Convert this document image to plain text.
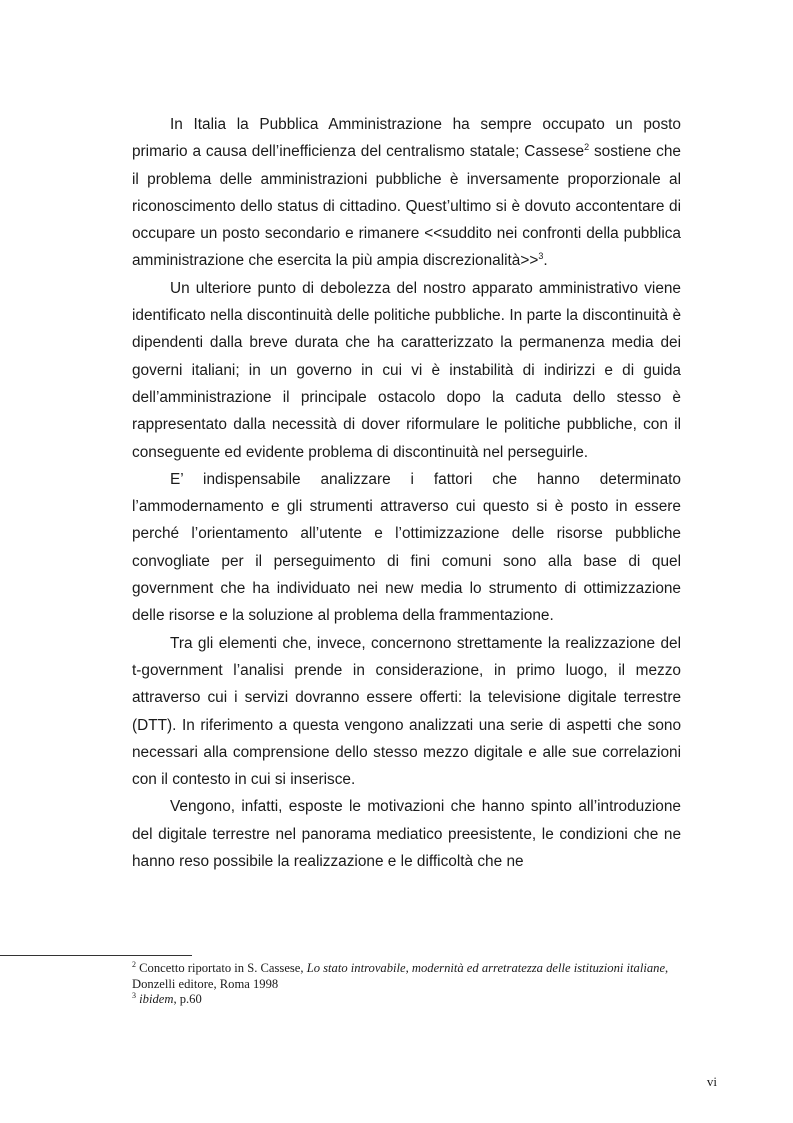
In Italia la Pubblica Amministrazione ha sempre occupato un posto primario a causa dell’inefficienza del centralismo statale; Cassese$^2$ sostiene che il problema delle amministrazioni pubbliche è inversamente proporzionale al riconoscimento dello status di cittadino. Quest’ultimo si è dovuto accontentare di occupare un posto secondario e rimanere <<suddito nei confronti della pubblica amministrazione che esercita la più ampia discrezionalità>>$^3$.

Un ulteriore punto di debolezza del nostro apparato amministrativo viene identificato nella discontinuità delle politiche pubbliche. In parte la discontinuità è dipendenti dalla breve durata che ha caratterizzato la permanenza media dei governi italiani; in un governo in cui vi è instabilità di indirizzi e di guida dell’amministrazione il principale ostacolo dopo la caduta dello stesso è rappresentato dalla necessità di dover riformulare le politiche pubbliche, con il conseguente ed evidente problema di discontinuità nel perseguirle.

E’ indispensabile analizzare i fattori che hanno determinato l’ammodernamento e gli strumenti attraverso cui questo si è posto in essere perché l’orientamento all’utente e l’ottimizzazione delle risorse pubbliche convogliate per il perseguimento di fini comuni sono alla base di quel government che ha individuato nei new media lo strumento di ottimizzazione delle risorse e la soluzione al problema della frammentazione.

Tra gli elementi che, invece, concernono strettamente la realizzazione del t-government l’analisi prende in considerazione, in primo luogo, il mezzo attraverso cui i servizi dovranno essere offerti: la televisione digitale terrestre (DTT). In riferimento a questa vengono analizzati una serie di aspetti che sono necessari alla comprensione dello stesso mezzo digitale e alle sue correlazioni con il contesto in cui si inserisce.

Vengono, infatti, esposte le motivazioni che hanno spinto all’introduzione del digitale terrestre nel panorama mediatico preesistente, le condizioni che ne hanno reso possibile la realizzazione e le difficoltà che ne

$^2$ Concetto riportato in S. Cassese, Lo stato introvabile, modernità ed arretratezza delle istituzioni italiane, Donzelli editore, Roma 1998

$^3$ ibidem, p.60

vi
